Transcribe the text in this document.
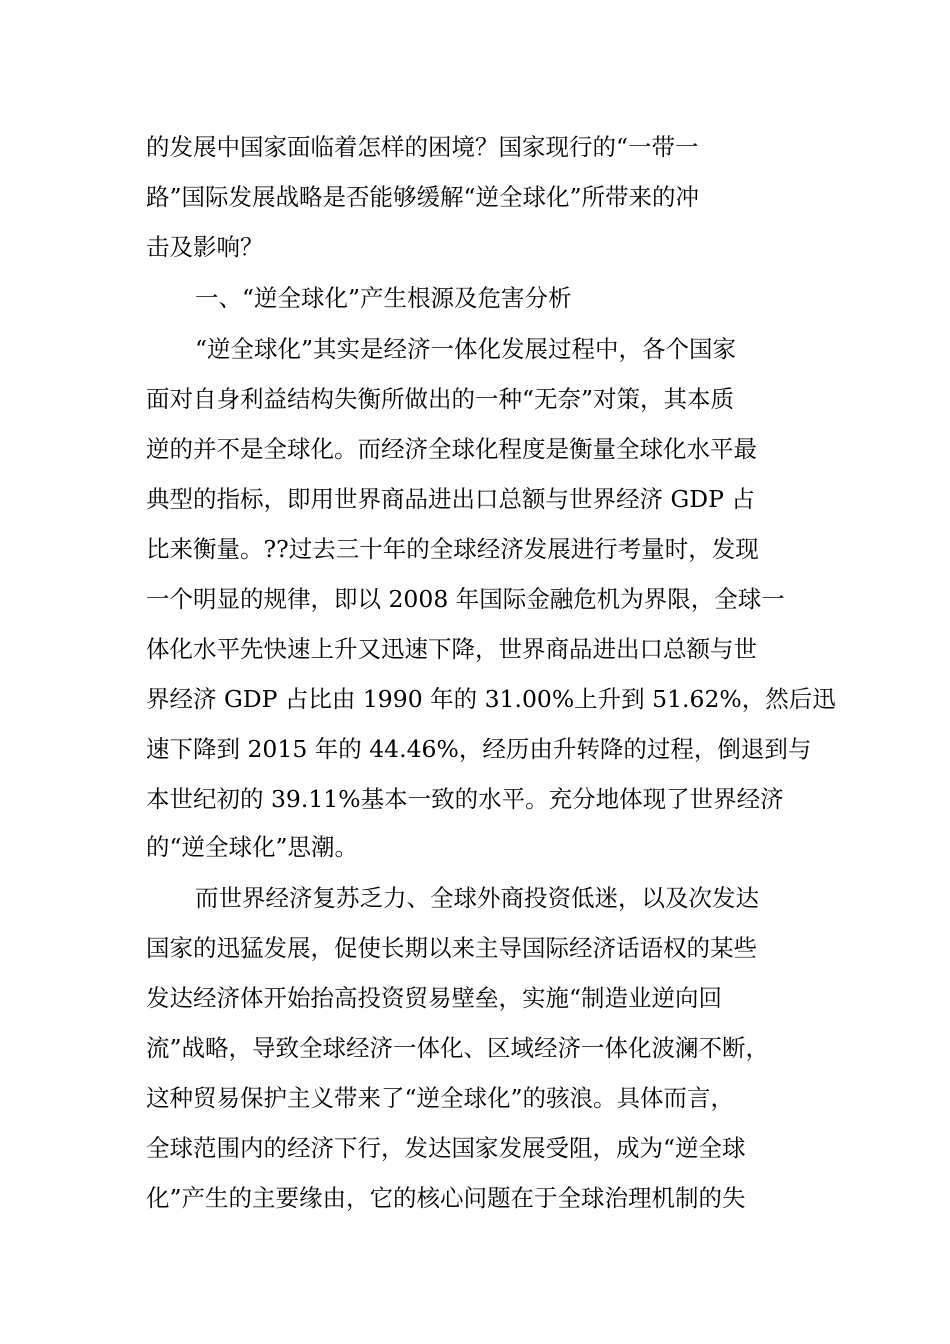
的发展中国家面临着怎样的困境？国家现行的“一带一
路”国际发展战略是否能够缓解“逆全球化”所带来的冲
击及影响？
一、“逆全球化”产生根源及危害分析
“逆全球化”其实是经济一体化发展过程中，各个国家
面对自身利益结构失衡所做出的一种“无奈”对策，其本质
逆的并不是全球化。而经济全球化程度是衡量全球化水平最
典型的指标，即用世界商品进出口总额与世界经济 GDP 占
比来衡量。??过去三十年的全球经济发展进行考量时，发现
一个明显的规律，即以 2008 年国际金融危机为界限，全球一
体化水平先快速上升又迅速下降，世界商品进出口总额与世
界经济 GDP 占比由 1990 年的 31.00%上升到 51.62%，然后迅
速下降到 2015 年的 44.46%，经历由升转降的过程，倒退到与
本世纪初的 39.11%基本一致的水平。充分地体现了世界经济
的“逆全球化”思潮。
而世界经济复苏乏力、全球外商投资低迷，以及次发达
国家的迅猛发展，促使长期以来主导国际经济话语权的某些
发达经济体开始抬高投资贸易壁垒，实施“制造业逆向回
流”战略，导致全球经济一体化、区域经济一体化波澜不断，
这种贸易保护主义带来了“逆全球化”的骇浪。具体而言，
全球范围内的经济下行，发达国家发展受阻，成为“逆全球
化”产生的主要缘由，它的核心问题在于全球治理机制的失
